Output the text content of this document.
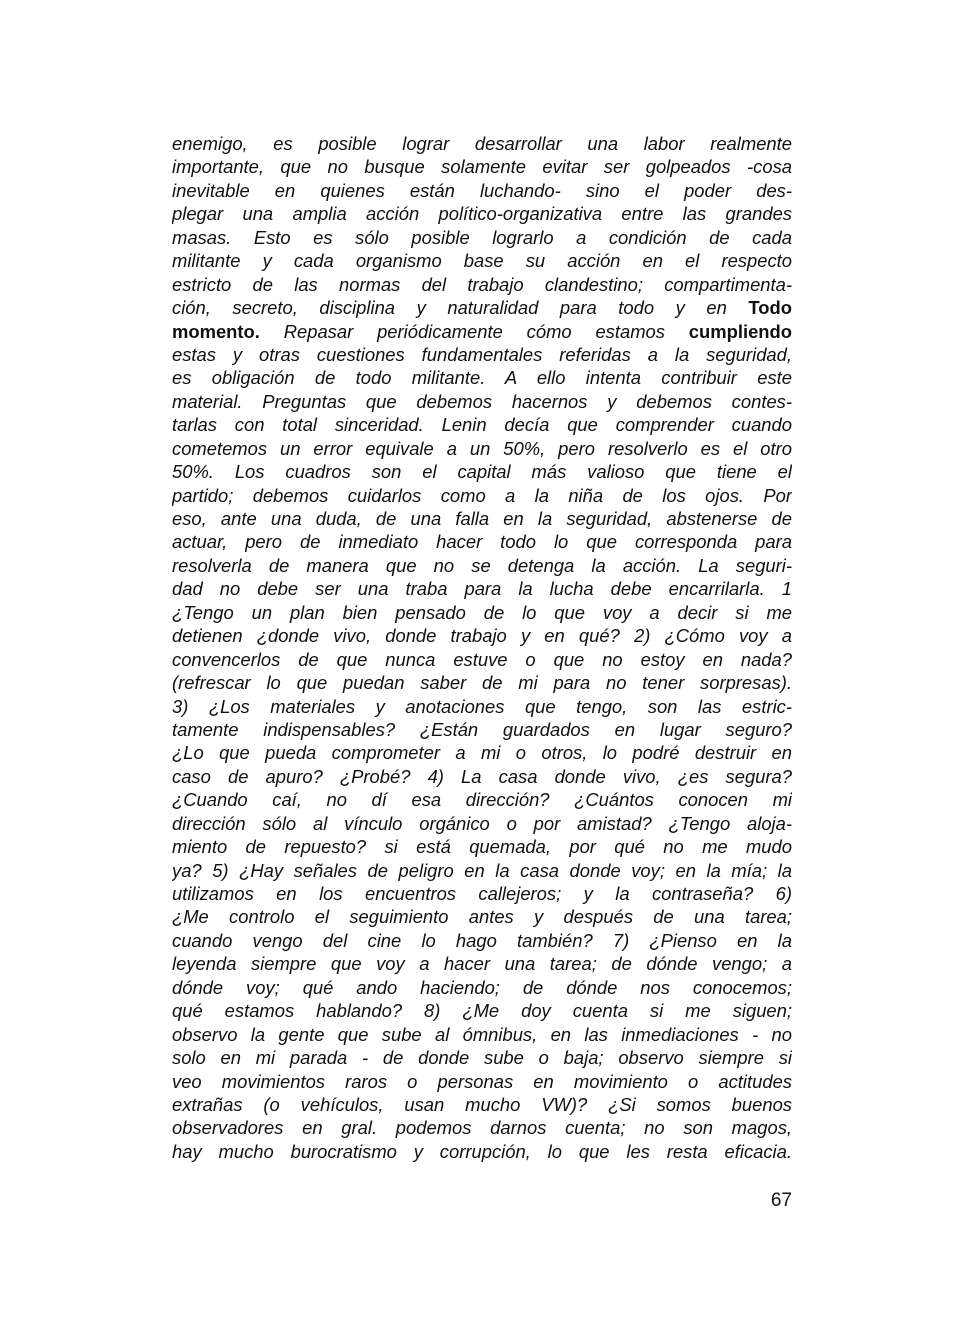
enemigo, es posible lograr desarrollar una labor realmente
importante, que no busque solamente evitar ser golpeados -cosa
inevitable en quienes están luchando- sino el poder des-
plegar una amplia acción político-organizativa entre las grandes
masas. Esto es sólo posible lograrlo a condición de cada
militante y cada organismo base su acción en el respecto
estricto de las normas del trabajo clandestino; compartimenta-
ción, secreto, disciplina y naturalidad para todo y en Todo
momento. Repasar periódicamente cómo estamos cumpliendo
estas y otras cuestiones fundamentales referidas a la seguridad,
es obligación de todo militante. A ello intenta contribuir este
material. Preguntas que debemos hacernos y debemos contes-
tarlas con total sinceridad. Lenin decía que comprender cuando
cometemos un error equivale a un 50%, pero resolverlo es el otro
50%. Los cuadros son el capital más valioso que tiene el
partido; debemos cuidarlos como a la niña de los ojos. Por
eso, ante una duda, de una falla en la seguridad, abstenerse de
actuar, pero de inmediato hacer todo lo que corresponda para
resolverla de manera que no se detenga la acción. La seguri-
dad no debe ser una traba para la lucha debe encarrilarla. 1
¿Tengo un plan bien pensado de lo que voy a decir si me
detienen ¿donde vivo, donde trabajo y en qué? 2) ¿Cómo voy a
convencerlos de que nunca estuve o que no estoy en nada?
(refrescar lo que puedan saber de mi para no tener sorpresas).
3) ¿Los materiales y anotaciones que tengo, son las estric-
tamente indispensables? ¿Están guardados en lugar seguro?
¿Lo que pueda comprometer a mi o otros, lo podré destruir en
caso de apuro? ¿Probé? 4) La casa donde vivo, ¿es segura?
¿Cuando caí, no dí esa dirección? ¿Cuántos conocen mi
dirección sólo al vínculo orgánico o por amistad? ¿Tengo aloja-
miento de repuesto? si está quemada, por qué no me mudo
ya? 5) ¿Hay señales de peligro en la casa donde voy; en la mía; la
utilizamos en los encuentros callejeros; y la contraseña? 6)
¿Me controlo el seguimiento antes y después de una tarea;
cuando vengo del cine lo hago también? 7) ¿Pienso en la
leyenda siempre que voy a hacer una tarea; de dónde vengo; a
dónde voy; qué ando haciendo; de dónde nos conocemos;
qué estamos hablando? 8) ¿Me doy cuenta si me siguen;
observo la gente que sube al ómnibus, en las inmediaciones - no
solo en mi parada - de donde sube o baja; observo siempre si
veo movimientos raros o personas en movimiento o actitudes
extrañas (o vehículos, usan mucho VW)? ¿Si somos buenos
observadores en gral. podemos darnos cuenta; no son magos,
hay mucho burocratismo y corrupción, lo que les resta eficacia.
67
